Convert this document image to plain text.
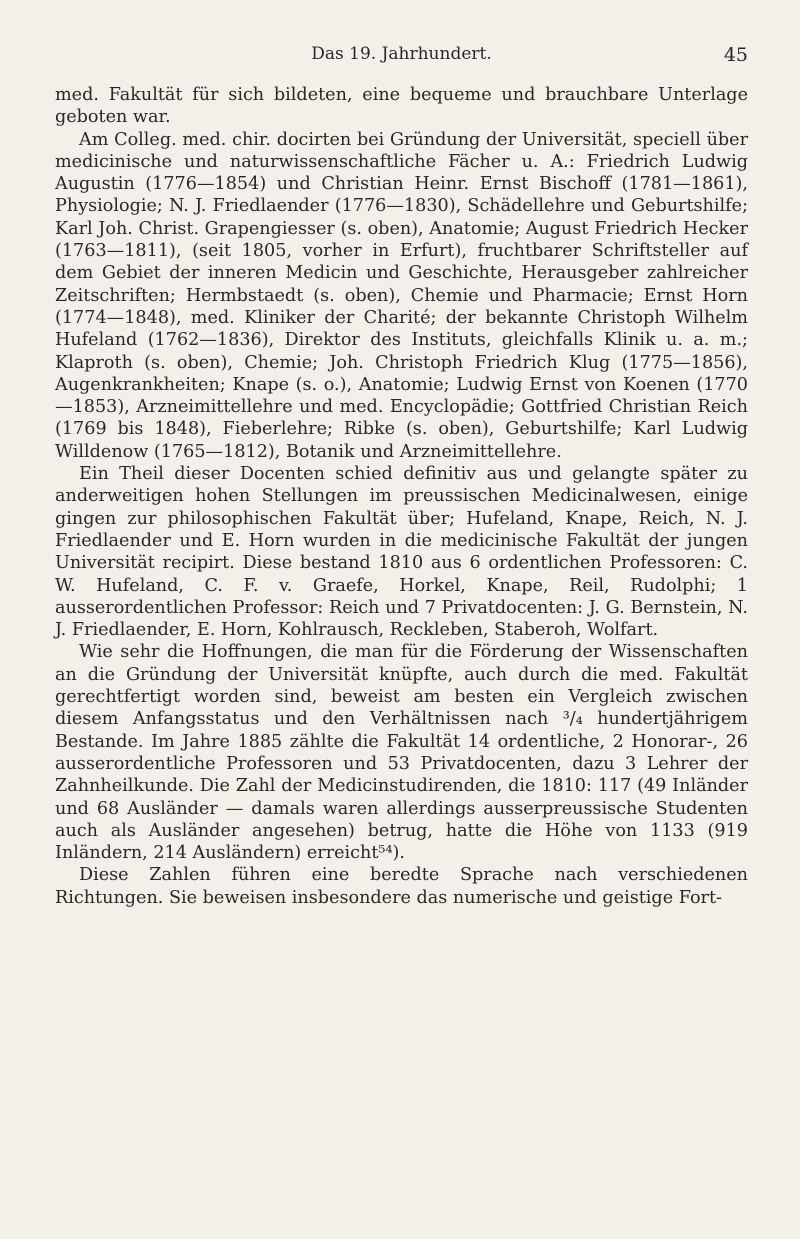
Das 19. Jahrhundert.	45

med. Fakultät für sich bildeten, eine bequeme und brauchbare Unterlage geboten war.

Am Colleg. med. chir. docirten bei Gründung der Universität, speciell über medicinische und naturwissenschaftliche Fächer u. A.: Friedrich Ludwig Augustin (1776—1854) und Christian Heinr. Ernst Bischoff (1781—1861), Physiologie; N. J. Friedlaender (1776—1830), Schädellehre und Geburtshilfe; Karl Joh. Christ. Grapengiesser (s. oben), Anatomie; August Friedrich Hecker (1763—1811), (seit 1805, vorher in Erfurt), fruchtbarer Schriftsteller auf dem Gebiet der inneren Medicin und Geschichte, Herausgeber zahlreicher Zeitschriften; Hermbstaedt (s. oben), Chemie und Pharmacie; Ernst Horn (1774—1848), med. Kliniker der Charité; der bekannte Christoph Wilhelm Hufeland (1762—1836), Direktor des Instituts, gleichfalls Klinik u. a. m.; Klaproth (s. oben), Chemie; Joh. Christoph Friedrich Klug (1775—1856), Augenkrankheiten; Knape (s. o.), Anatomie; Ludwig Ernst von Koenen (1770—1853), Arzneimittellehre und med. Encyclopädie; Gottfried Christian Reich (1769 bis 1848), Fieberlehre; Ribke (s. oben), Geburtshilfe; Karl Ludwig Willdenow (1765—1812), Botanik und Arzneimittellehre.

Ein Theil dieser Docenten schied definitiv aus und gelangte später zu anderweitigen hohen Stellungen im preussischen Medicinalwesen, einige gingen zur philosophischen Fakultät über; Hufeland, Knape, Reich, N. J. Friedlaender und E. Horn wurden in die medicinische Fakultät der jungen Universität recipirt. Diese bestand 1810 aus 6 ordentlichen Professoren: C. W. Hufeland, C. F. v. Graefe, Horkel, Knape, Reil, Rudolphi; 1 ausserordentlichen Professor: Reich und 7 Privatdocenten: J. G. Bernstein, N. J. Friedlaender, E. Horn, Kohlrausch, Reckleben, Staberoh, Wolfart.

Wie sehr die Hoffnungen, die man für die Förderung der Wissenschaften an die Gründung der Universität knüpfte, auch durch die med. Fakultät gerechtfertigt worden sind, beweist am besten ein Vergleich zwischen diesem Anfangsstatus und den Verhältnissen nach ³/₄ hundertjährigem Bestande. Im Jahre 1885 zählte die Fakultät 14 ordentliche, 2 Honorar-, 26 ausserordentliche Professoren und 53 Privatdocenten, dazu 3 Lehrer der Zahnheilkunde. Die Zahl der Medicinstudirenden, die 1810: 117 (49 Inländer und 68 Ausländer — damals waren allerdings ausserpreussische Studenten auch als Ausländer angesehen) betrug, hatte die Höhe von 1133 (919 Inländern, 214 Ausländern) erreicht⁵⁴).

Diese Zahlen führen eine beredte Sprache nach verschiedenen Richtungen. Sie beweisen insbesondere das numerische und geistige Fort-
